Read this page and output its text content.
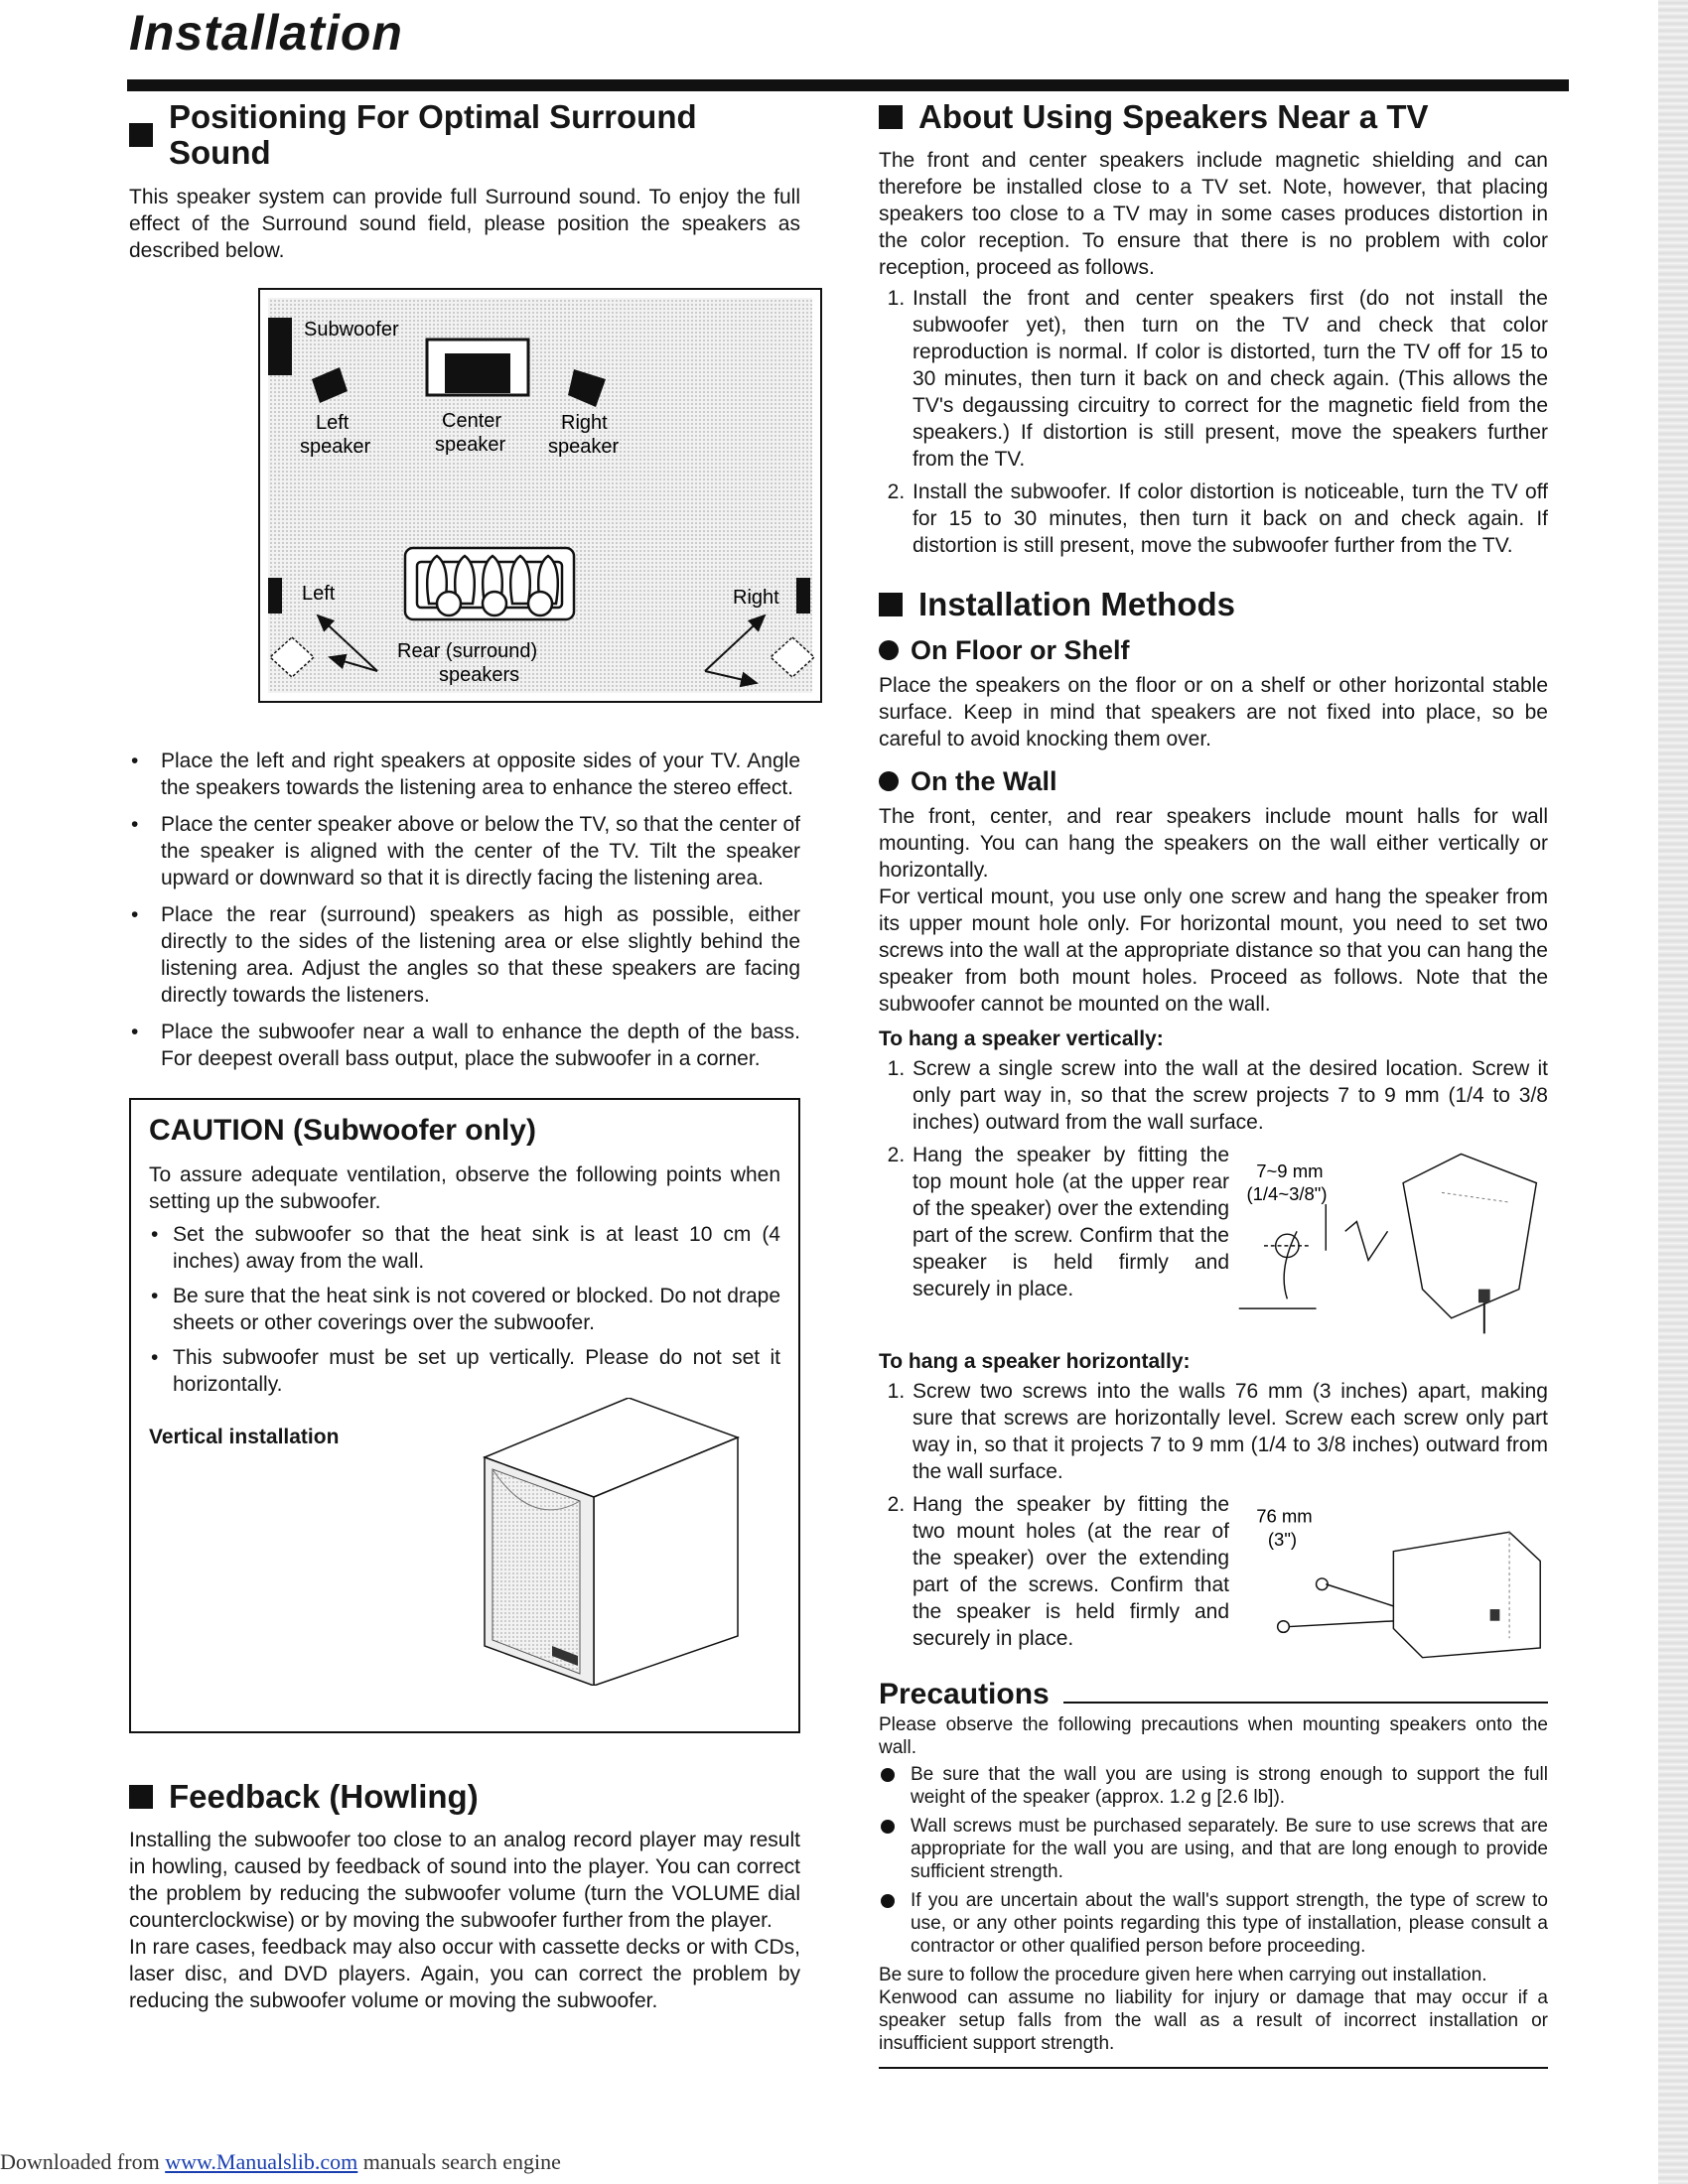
Installation
Positioning For Optimal Surround Sound

This speaker system can provide full Surround sound. To enjoy the full effect of the Surround sound field, please position the speakers as described below.

Subwoofer
Left
speaker
Center
speaker
Right
speaker
Left	Right
Rear (surround)
speakers
• Place the left and right speakers at opposite sides of your TV. Angle the speakers towards the listening area to enhance the stereo effect.
• Place the center speaker above or below the TV, so that the center of the speaker is aligned with the center of the TV. Tilt the speaker upward or downward so that it is directly facing the listening area.
• Place the rear (surround) speakers as high as possible, either directly to the sides of the listening area or else slightly behind the listening area. Adjust the angles so that these speakers are facing directly towards the listeners.
• Place the subwoofer near a wall to enhance the depth of the bass. For deepest overall bass output, place the subwoofer in a corner.
CAUTION (Subwoofer only)

To assure adequate ventilation, observe the following points when setting up the subwoofer.

• Set the subwoofer so that the heat sink is at least 10 cm (4 inches) away from the wall.
• Be sure that the heat sink is not covered or blocked. Do not drape sheets or other coverings over the subwoofer.
• This subwoofer must be set up vertically. Please do not set it horizontally.
Vertical installation
Feedback (Howling)

Installing the subwoofer too close to an analog record player may result in howling, caused by feedback of sound into the player. You can correct the problem by reducing the subwoofer volume (turn the VOLUME dial counterclockwise) or by moving the subwoofer further from the player.

In rare cases, feedback may also occur with cassette decks or with CDs, laser disc, and DVD players. Again, you can correct the problem by reducing the subwoofer volume or moving the subwoofer.

About Using Speakers Near a TV

The front and center speakers include magnetic shielding and can therefore be installed close to a TV set. Note, however, that placing speakers too close to a TV may in some cases produces distortion in the color reception. To ensure that there is no problem with color reception, proceed as follows.

1. Install the front and center speakers first (do not install the subwoofer yet), then turn on the TV and check that color reproduction is normal. If color is distorted, turn the TV off for 15 to 30 minutes, then turn it back on and check again. (This allows the TV's degaussing circuitry to correct for the magnetic field from the speakers.) If distortion is still present, move the speakers further from the TV.
2. Install the subwoofer. If color distortion is noticeable, turn the TV off for 15 to 30 minutes, then turn it back on and check again. If distortion is still present, move the subwoofer further from the TV.
Installation Methods
On Floor or Shelf

Place the speakers on the floor or on a shelf or other horizontal stable surface. Keep in mind that speakers are not fixed into place, so be careful to avoid knocking them over.

On the Wall

The front, center, and rear speakers include mount halls for wall mounting. You can hang the speakers on the wall either vertically or horizontally.

For vertical mount, you use only one screw and hang the speaker from its upper mount hole only. For horizontal mount, you need to set two screws into the wall at the appropriate distance so that you can hang the speaker from both mount holes. Proceed as follows. Note that the subwoofer cannot be mounted on the wall.

To hang a speaker vertically:
1. Screw a single screw into the wall at the desired location. Screw it only part way in, so that the screw projects 7 to 9 mm (1/4 to 3/8 inches) outward from the wall surface.
2. Hang the speaker by fitting the top mount hole (at the upper rear of the speaker) over the extending part of the screw. Confirm that the speaker is held firmly and securely in place.
7~9 mm
(1/4~3/8")
To hang a speaker horizontally:
1. Screw two screws into the walls 76 mm (3 inches) apart, making sure that screws are horizontally level. Screw each screw only part way in, so that it projects 7 to 9 mm (1/4 to 3/8 inches) outward from the wall surface.
2. Hang the speaker by fitting the two mount holes (at the rear of the speaker) over the extending part of the screws. Confirm that the speaker is held firmly and securely in place.
76 mm
(3")
Precautions

Please observe the following precautions when mounting speakers onto the wall.

Be sure that the wall you are using is strong enough to support the full weight of the speaker (approx. 1.2 g [2.6 lb]).
Wall screws must be purchased separately. Be sure to use screws that are appropriate for the wall you are using, and that are long enough to provide sufficient strength.
If you are uncertain about the wall's support strength, the type of screw to use, or any other points regarding this type of installation, please consult a contractor or other qualified person before proceeding.

Be sure to follow the procedure given here when carrying out installation.

Kenwood can assume no liability for injury or damage that may occur if a speaker setup falls from the wall as a result of incorrect installation or insufficient support strength.

Downloaded from www.Manualslib.com manuals search engine
